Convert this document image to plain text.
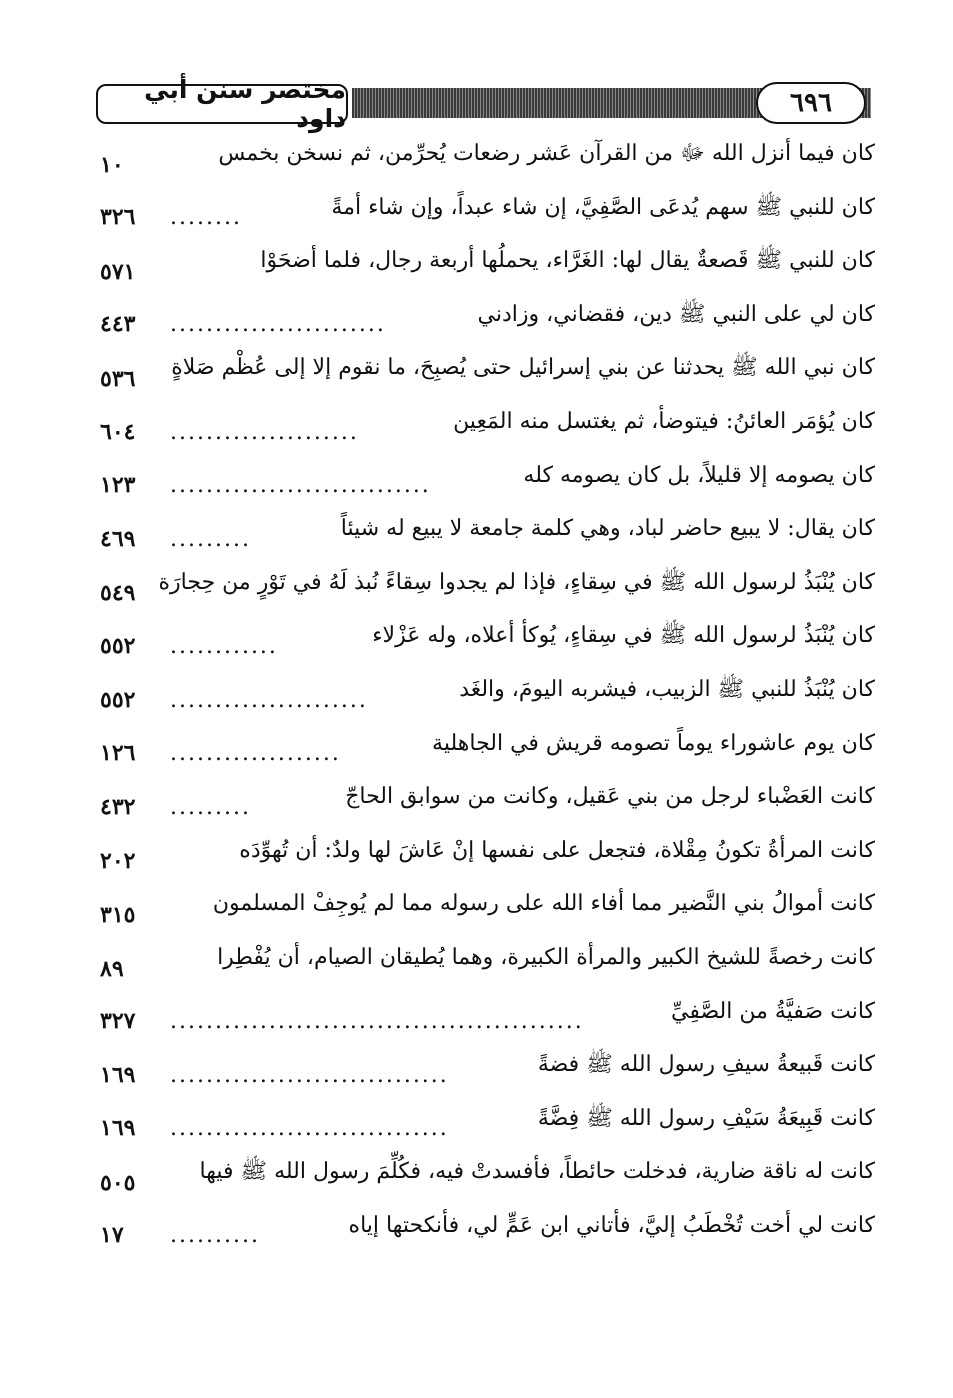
مختصر سنن أبي داود
٦٩٦
كان فيما أنزل الله ﷻ من القرآن عَشر رضعات يُحرِّمن، ثم نسخن بخمس
١٠
كان للنبي ﷺ سهم يُدعَى الصَّفِيَّ، إن شاء عبداً، وإن شاء أمةً
٣٢٦	........
كان للنبي ﷺ قَصعةٌ يقال لها: الغَرَّاء، يحملُها أربعة رجال، فلما أضحَوْا
٥٧١
كان لي على النبي ﷺ دين، فقضاني، وزادني
٤٤٣	........................
كان نبي الله ﷺ يحدثنا عن بني إسرائيل حتى يُصبِحَ، ما نقوم إلا إلى عُظْم صَلاةٍ
٥٣٦
كان يُؤمَر العائنُ: فيتوضأ، ثم يغتسل منه المَعِين
٦٠٤	.....................
كان يصومه إلا قليلاً، بل كان يصومه كله
١٢٣	.............................
كان يقال: لا يبيع حاضر لباد، وهي كلمة جامعة لا يبيع له شيئاً
٤٦٩	.........
كان يُنْبَذُ لرسول الله ﷺ في سِقاءٍ، فإذا لم يجدوا سِقاءً نُبذ لَهُ في تَوْرٍ من حِجارَة
٥٤٩
كان يُنْبَذُ لرسول الله ﷺ في سِقاءٍ، يُوكأ أعلاه، وله عَزْلاء
٥٥٢	............
كان يُنْبَذُ للنبي ﷺ الزبيب، فيشربه اليومَ، والغَد
٥٥٢	......................
كان يوم عاشوراء يوماً تصومه قريش في الجاهلية
١٢٦	...................
كانت العَضْباء لرجل من بني عَقيل، وكانت من سوابق الحاجّ
٤٣٢	.........
كانت المرأةُ تكونُ مِقْلاة، فتجعل على نفسها إنْ عَاشَ لها ولدٌ: أن تُهوِّدَه
٢٠٢
كانت أموالُ بني النَّضير مما أفاء الله على رسوله مما لم يُوجِفْ المسلمون
٣١٥
كانت رخصةً للشيخ الكبير والمرأة الكبيرة، وهما يُطيقان الصيام، أن يُفْطِرا
٨٩
كانت صَفيَّةُ من الصَّفِيِّ
٣٢٧	..............................................
كانت قَبيعةُ سيفِ رسول الله ﷺ فضةً
١٦٩	...............................
كانت قَبِيعَةُ سَيْفِ رسول الله ﷺ فِضَّةً
١٦٩	...............................
كانت له ناقة ضارية، فدخلت حائطاً، فأفسدتْ فيه، فكُلِّمَ رسول الله ﷺ فيها
٥٠٥
كانت لي أخت تُخْطَبُ إليَّ، فأتاني ابن عَمٍّ لي، فأنكحتها إياه
١٧	..........
